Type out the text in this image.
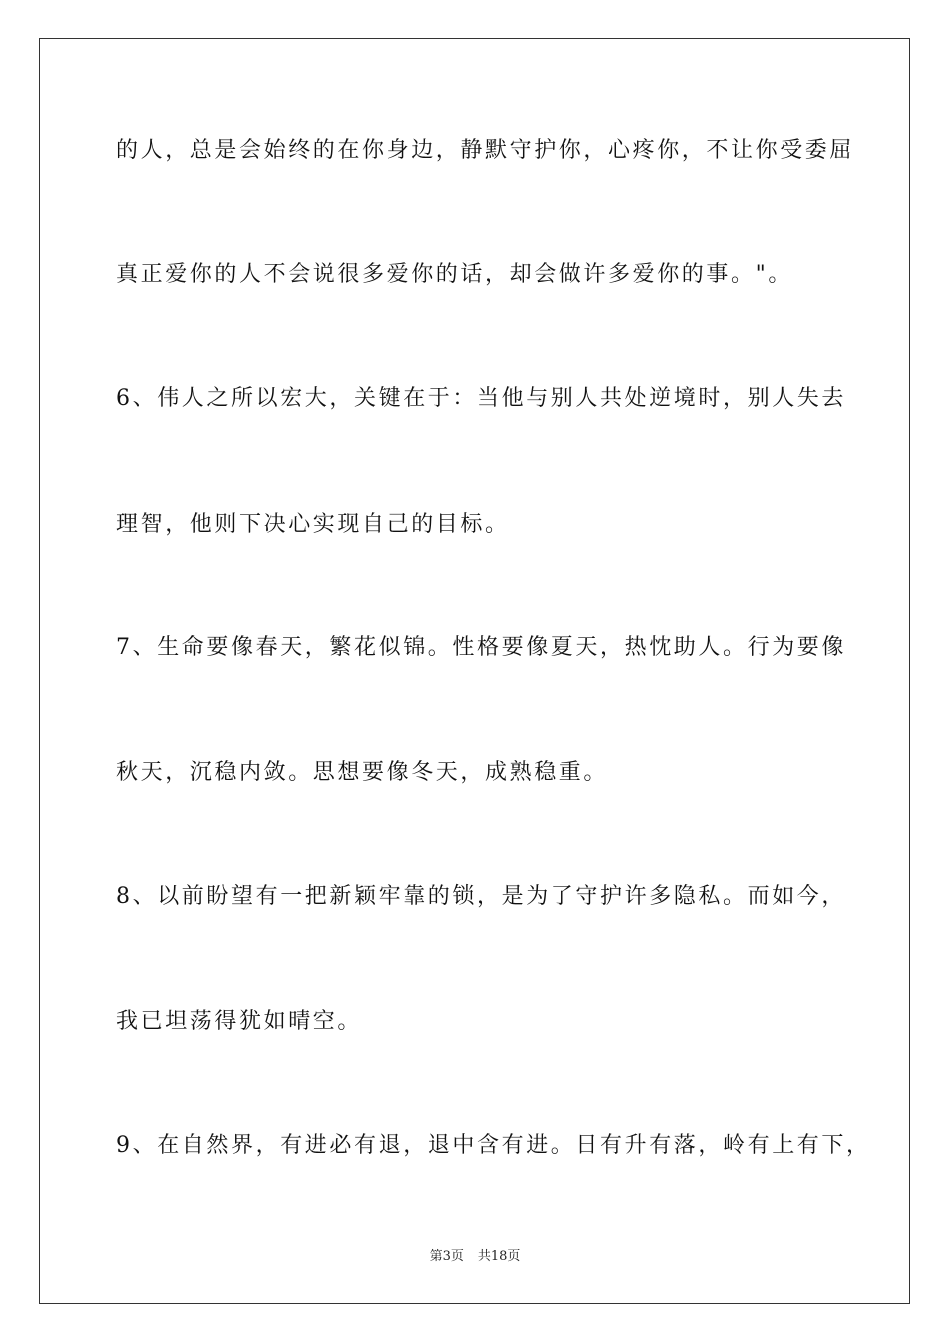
的人，总是会始终的在你身边，静默守护你，心疼你，不让你受委屈
真正爱你的人不会说很多爱你的话，却会做许多爱你的事。"。
6、伟人之所以宏大，关键在于：当他与别人共处逆境时，别人失去
理智，他则下决心实现自己的目标。
7、生命要像春天，繁花似锦。性格要像夏天，热忱助人。行为要像
秋天，沉稳内敛。思想要像冬天，成熟稳重。
8、以前盼望有一把新颖牢靠的锁，是为了守护许多隐私。而如今，
我已坦荡得犹如晴空。
9、在自然界，有进必有退，退中含有进。日有升有落，岭有上有下，
第3页 共18页
